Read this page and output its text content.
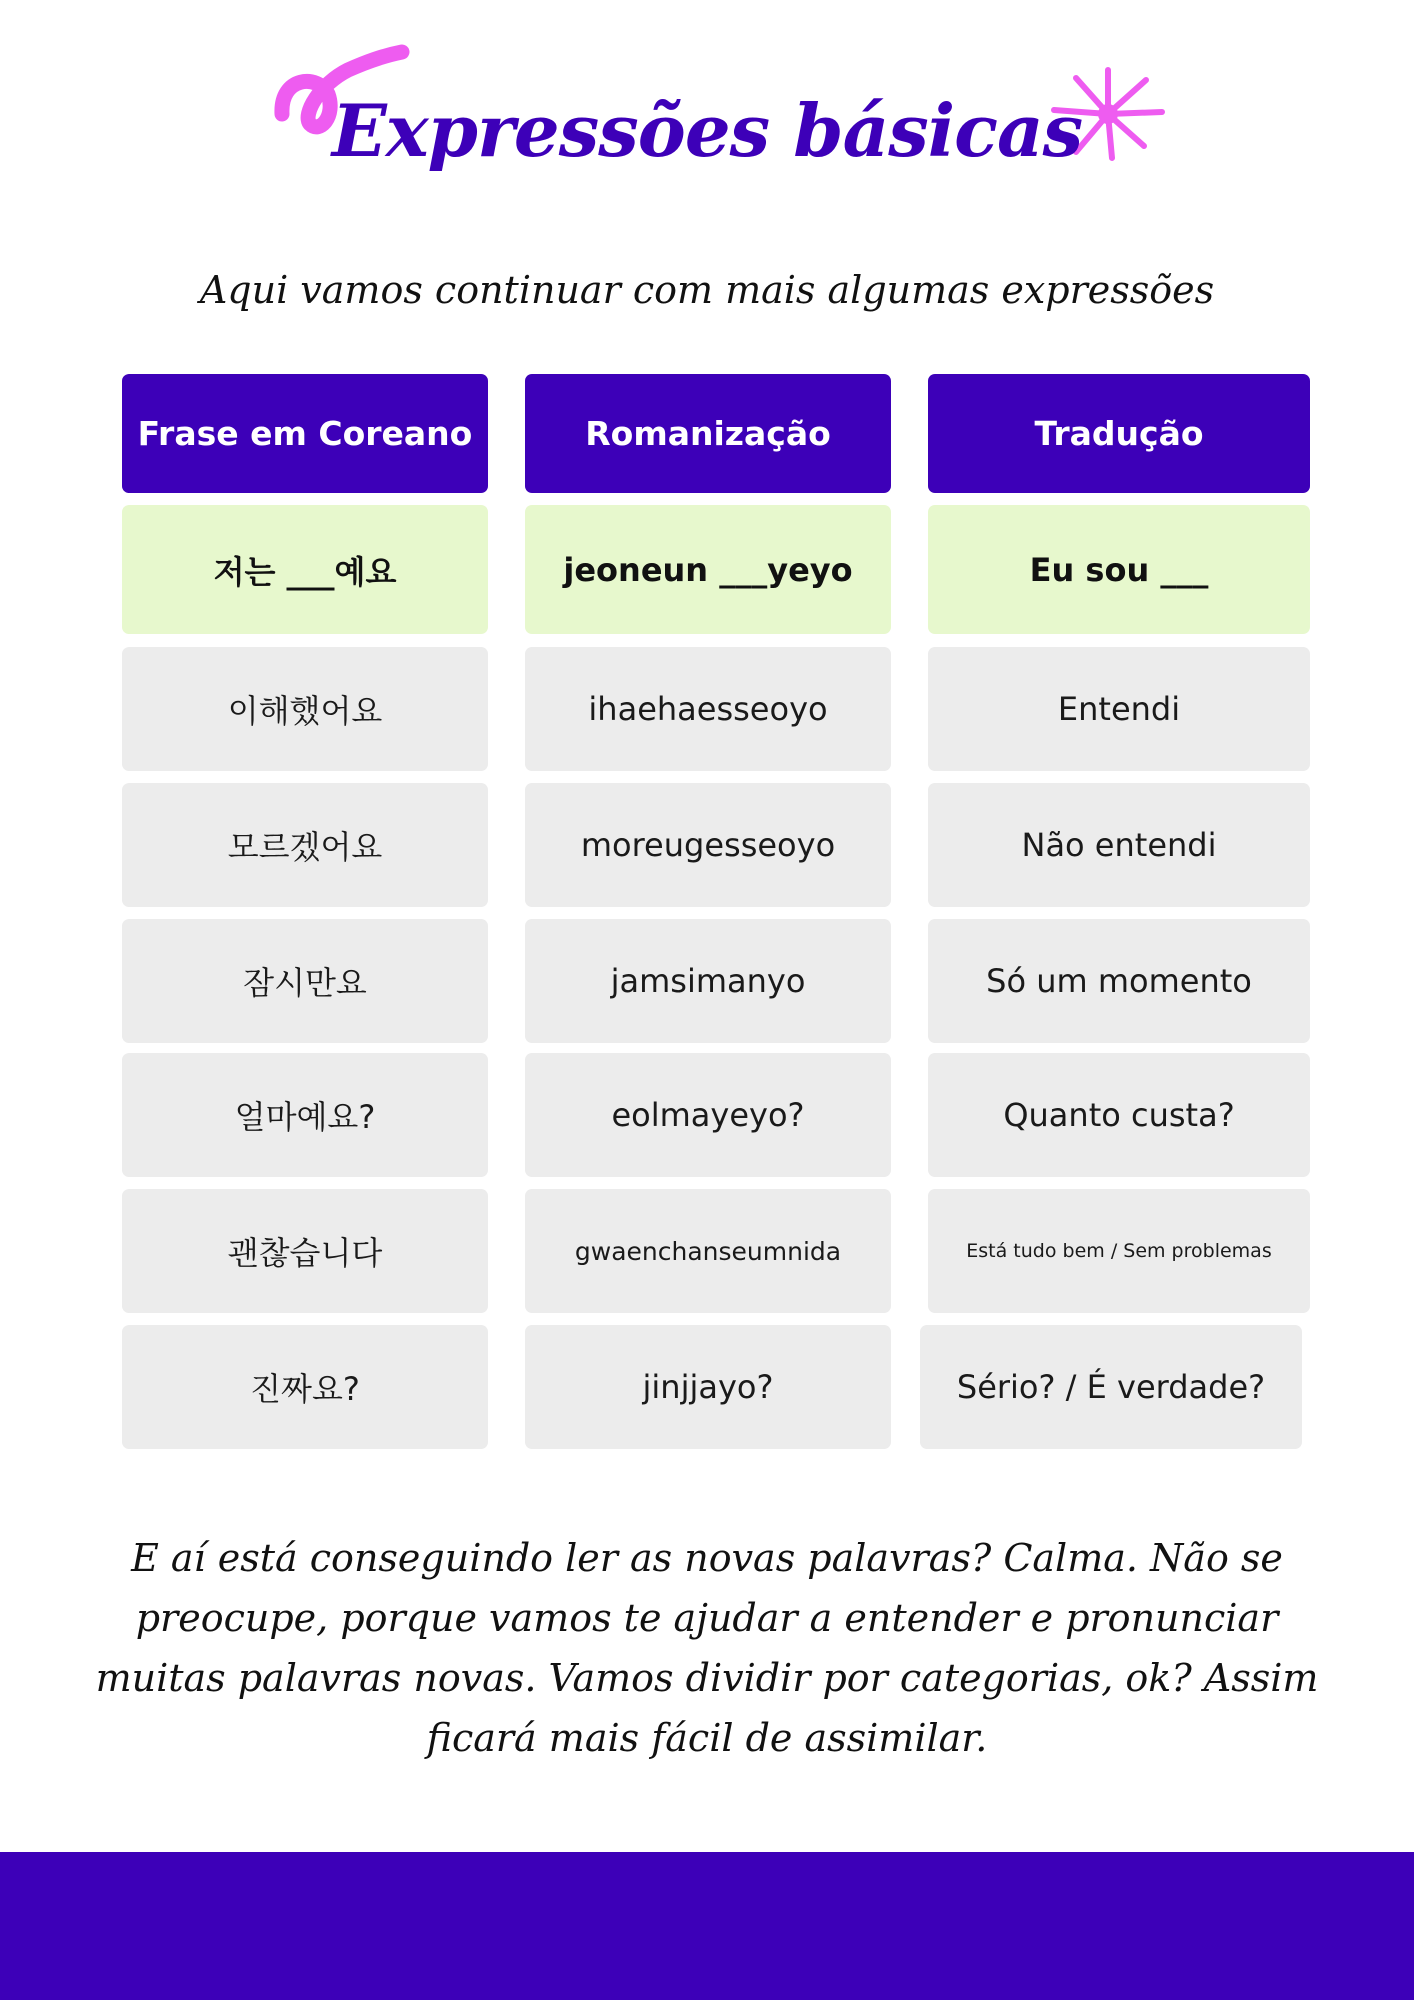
Expressões básicas
Aqui vamos continuar com mais algumas expressões
Frase em Coreano	Romanização	Tradução
저는 ___예요	jeoneun ___yeyo	Eu sou ___
이해했어요	ihaehaesseoyo	Entendi
모르겠어요	moreugesseoyo	Não entendi
잠시만요	jamsimanyo	Só um momento
얼마예요?	eolmayeyo?	Quanto custa?
괜찮습니다	gwaenchanseumnida	Está tudo bem / Sem problemas
진짜요?	jinjjayo?	Sério? / É verdade?
E aí está conseguindo ler as novas palavras? Calma. Não se preocupe, porque vamos te ajudar a entender e pronunciar muitas palavras novas. Vamos dividir por categorias, ok? Assim ficará mais fácil de assimilar.
